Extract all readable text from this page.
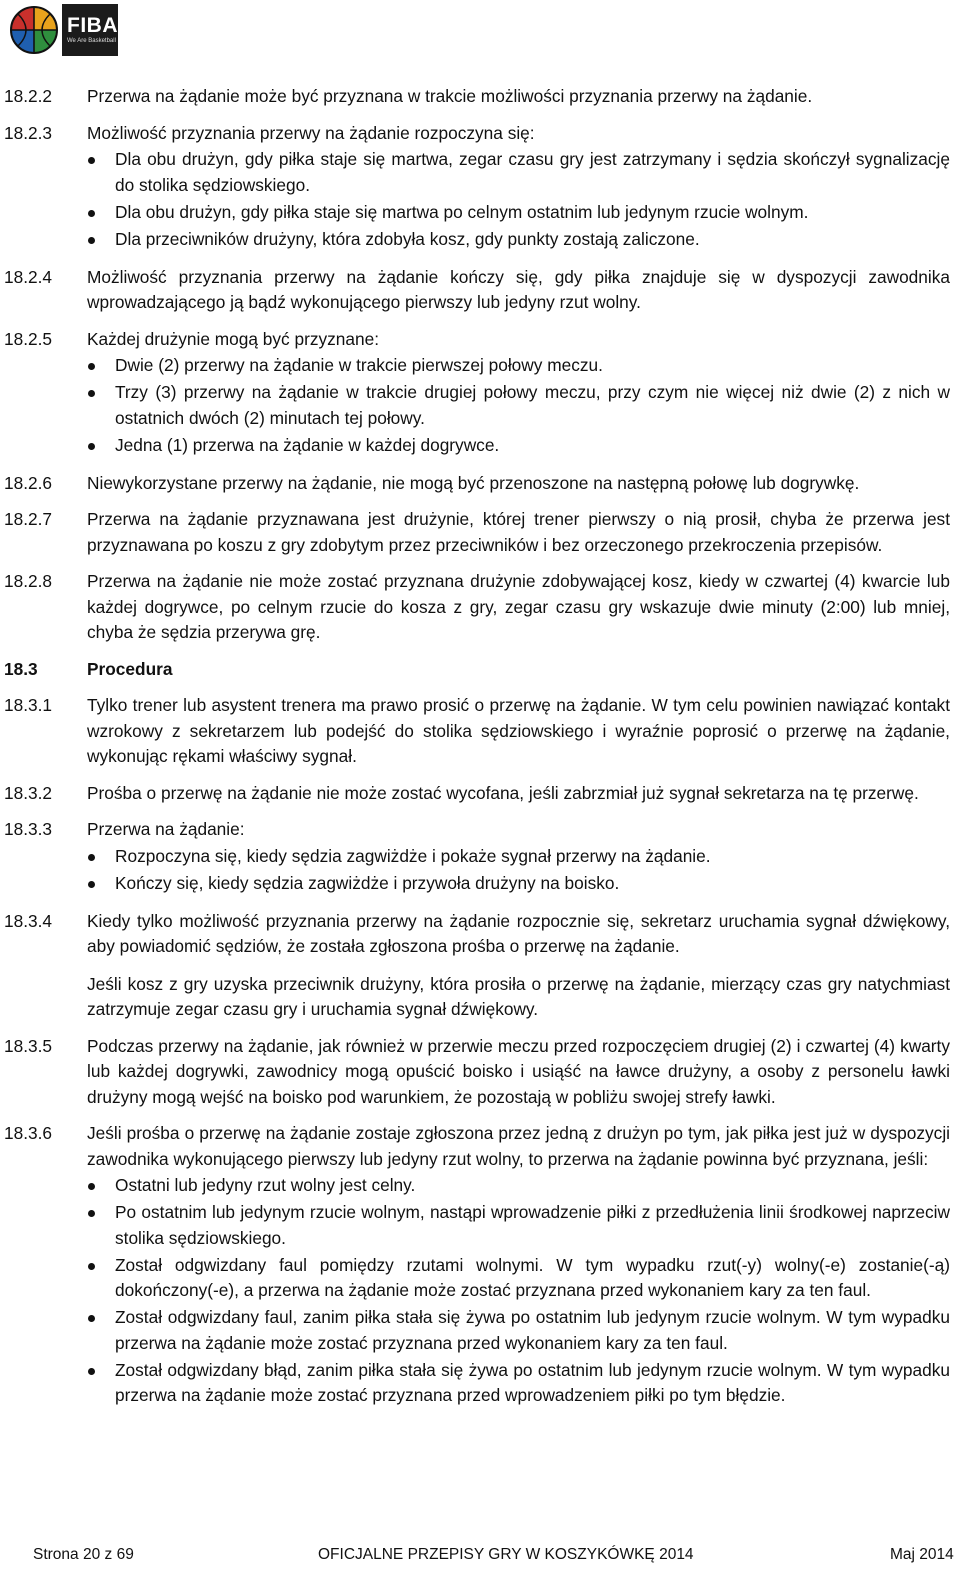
FIBA
We Are Basketball
18.2.2	Przerwa na żądanie może być przyznana w trakcie możliwości przyznania przerwy na żądanie.
18.2.3	Możliwość przyznania przerwy na żądanie rozpoczyna się:
Dla obu drużyn, gdy piłka staje się martwa, zegar czasu gry jest zatrzymany i sędzia skończył sygnalizację do stolika sędziowskiego.
Dla obu drużyn, gdy piłka staje się martwa po celnym ostatnim lub jedynym rzucie wolnym.
Dla przeciwników drużyny, która zdobyła kosz, gdy punkty zostają zaliczone.
18.2.4	Możliwość przyznania przerwy na żądanie kończy się, gdy piłka znajduje się w dyspozycji zawodnika wprowadzającego ją bądź wykonującego pierwszy lub jedyny rzut wolny.
18.2.5	Każdej drużynie mogą być przyznane:
Dwie (2) przerwy na żądanie w trakcie pierwszej połowy meczu.
Trzy (3) przerwy na żądanie w trakcie drugiej połowy meczu, przy czym nie więcej niż dwie (2) z nich w ostatnich dwóch (2) minutach tej połowy.
Jedna (1) przerwa na żądanie w każdej dogrywce.
18.2.6	Niewykorzystane przerwy na żądanie, nie mogą być przenoszone na następną połowę lub dogrywkę.
18.2.7	Przerwa na żądanie przyznawana jest drużynie, której trener pierwszy o nią prosił, chyba że przerwa jest przyznawana po koszu z gry zdobytym przez przeciwników i bez orzeczonego przekroczenia przepisów.
18.2.8	Przerwa na żądanie nie może zostać przyznana drużynie zdobywającej kosz, kiedy w czwartej (4) kwarcie lub każdej dogrywce, po celnym rzucie do kosza z gry, zegar czasu gry wskazuje dwie minuty (2:00) lub mniej, chyba że sędzia przerywa grę.
18.3	Procedura
18.3.1	Tylko trener lub asystent trenera ma prawo prosić o przerwę na żądanie. W tym celu powinien nawiązać kontakt wzrokowy z sekretarzem lub podejść do stolika sędziowskiego i wyraźnie poprosić o przerwę na żądanie, wykonując rękami właściwy sygnał.
18.3.2	Prośba o przerwę na żądanie nie może zostać wycofana, jeśli zabrzmiał już sygnał sekretarza na tę przerwę.
18.3.3	Przerwa na żądanie:
Rozpoczyna się, kiedy sędzia zagwiżdże i pokaże sygnał przerwy na żądanie.
Kończy się, kiedy sędzia zagwiżdże i przywoła drużyny na boisko.
18.3.4	Kiedy tylko możliwość przyznania przerwy na żądanie rozpocznie się, sekretarz uruchamia sygnał dźwiękowy, aby powiadomić sędziów, że została zgłoszona prośba o przerwę na żądanie.
Jeśli kosz z gry uzyska przeciwnik drużyny, która prosiła o przerwę na żądanie, mierzący czas gry natychmiast zatrzymuje zegar czasu gry i uruchamia sygnał dźwiękowy.
18.3.5	Podczas przerwy na żądanie, jak również w przerwie meczu przed rozpoczęciem drugiej (2) i czwartej (4) kwarty lub każdej dogrywki, zawodnicy mogą opuścić boisko i usiąść na ławce drużyny, a osoby z personelu ławki drużyny mogą wejść na boisko pod warunkiem, że pozostają w pobliżu swojej strefy ławki.
18.3.6	Jeśli prośba o przerwę na żądanie zostaje zgłoszona przez jedną z drużyn po tym, jak piłka jest już w dyspozycji zawodnika wykonującego pierwszy lub jedyny rzut wolny, to przerwa na żądanie powinna być przyznana, jeśli:
Ostatni lub jedyny rzut wolny jest celny.
Po ostatnim lub jedynym rzucie wolnym, nastąpi wprowadzenie piłki z przedłużenia linii środkowej naprzeciw stolika sędziowskiego.
Został odgwizdany faul pomiędzy rzutami wolnymi. W tym wypadku rzut(-y) wolny(-e) zostanie(-ą) dokończony(-e), a przerwa na żądanie może zostać przyznana przed wykonaniem kary za ten faul.
Został odgwizdany faul, zanim piłka stała się żywa po ostatnim lub jedynym rzucie wolnym. W tym wypadku przerwa na żądanie może zostać przyznana przed wykonaniem kary za ten faul.
Został odgwizdany błąd, zanim piłka stała się żywa po ostatnim lub jedynym rzucie wolnym. W tym wypadku przerwa na żądanie może zostać przyznana przed wprowadzeniem piłki po tym błędzie.
Strona 20 z 69	OFICJALNE PRZEPISY GRY W KOSZYKÓWKĘ 2014	Maj 2014
